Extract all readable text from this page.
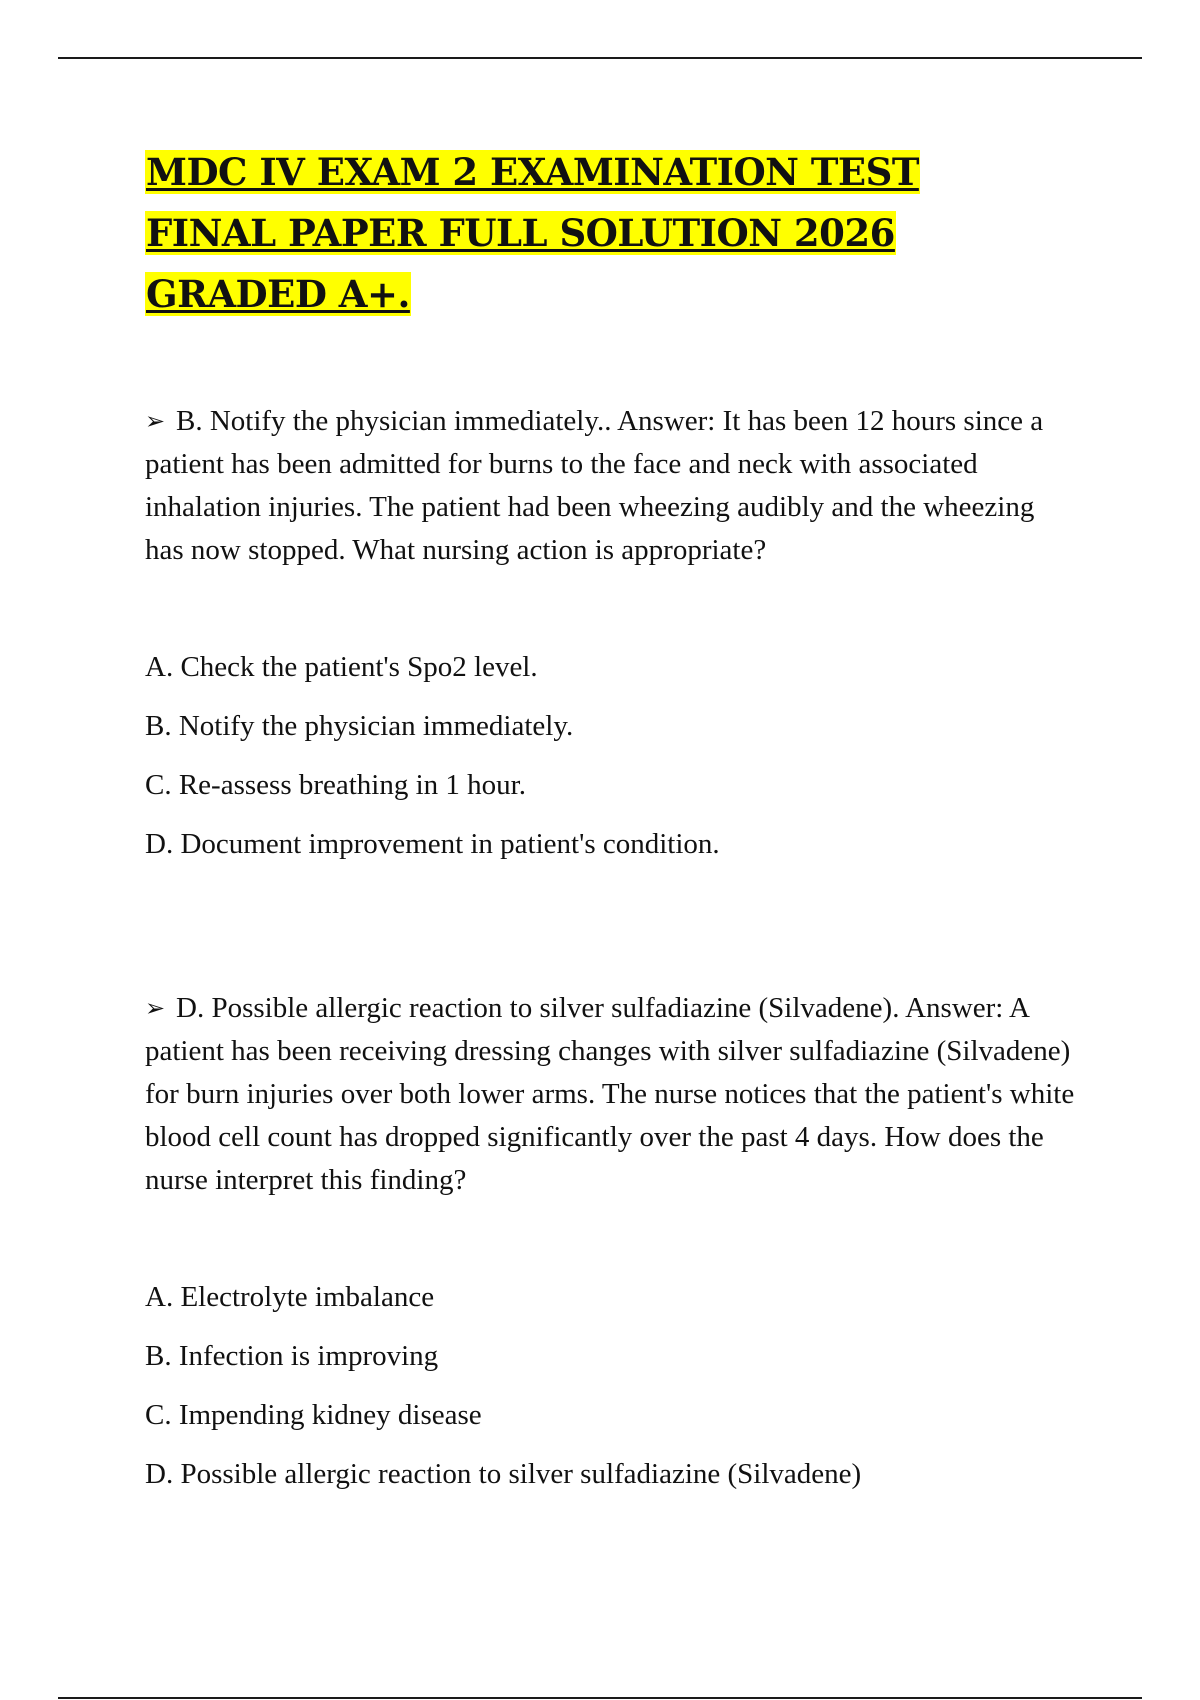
MDC IV EXAM 2 EXAMINATION TEST FINAL PAPER FULL SOLUTION 2026 GRADED A+.

➢ B. Notify the physician immediately.. Answer: It has been 12 hours since a patient has been admitted for burns to the face and neck with associated inhalation injuries. The patient had been wheezing audibly and the wheezing has now stopped. What nursing action is appropriate?

A. Check the patient's Spo2 level.
B. Notify the physician immediately.
C. Re-assess breathing in 1 hour.
D. Document improvement in patient's condition.

➢ D. Possible allergic reaction to silver sulfadiazine (Silvadene). Answer: A patient has been receiving dressing changes with silver sulfadiazine (Silvadene) for burn injuries over both lower arms. The nurse notices that the patient's white blood cell count has dropped significantly over the past 4 days. How does the nurse interpret this finding?

A. Electrolyte imbalance
B. Infection is improving
C. Impending kidney disease
D. Possible allergic reaction to silver sulfadiazine (Silvadene)
